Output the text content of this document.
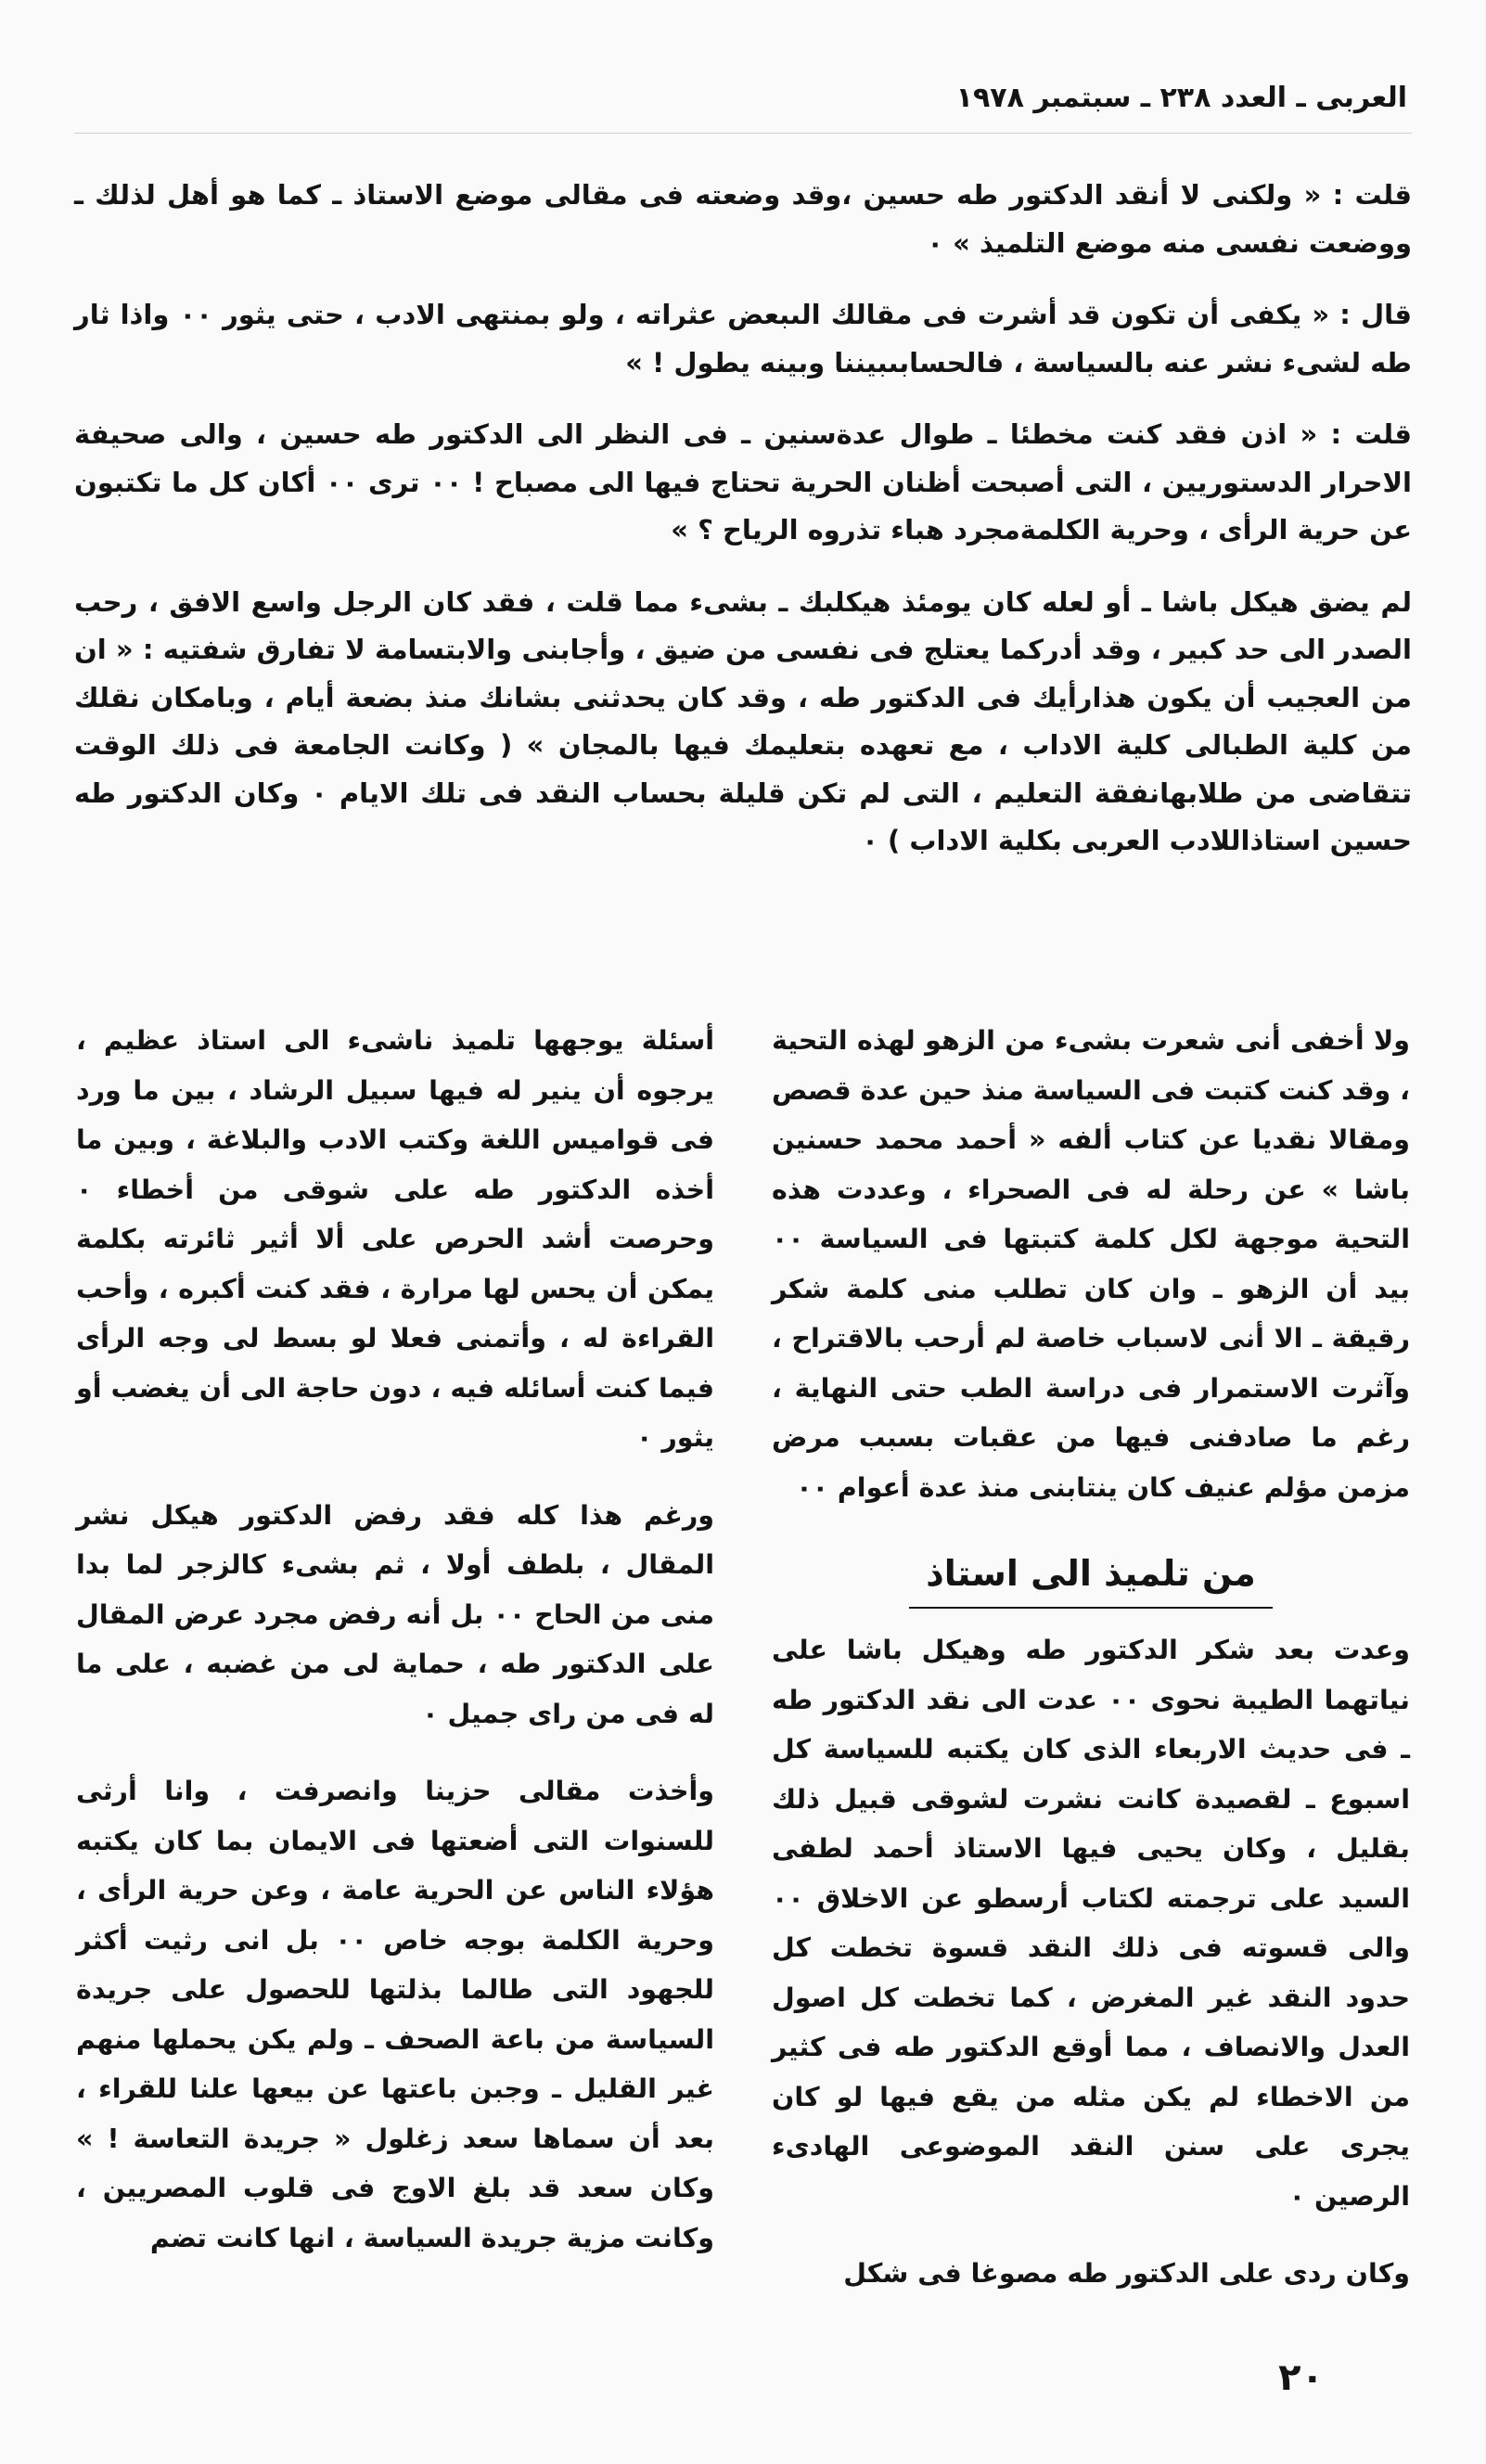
العربى ـ العدد ٢٣٨ ـ سبتمبر ١٩٧٨

قلت : « ولكنى لا أنقد الدكتور طه حسين ،وقد وضعته فى مقالى موضع الاستاذ ـ كما هو أهل لذلك ـ ووضعت نفسى منه موضع التلميذ » ٠

قال : « يكفى أن تكون قد أشرت فى مقالك الىبعض عثراته ، ولو بمنتهى الادب ، حتى يثور ٠٠ واذا ثار طه لشىء نشر عنه بالسياسة ، فالحسابىبيننا وبينه يطول ! »

قلت : « اذن فقد كنت مخطئا ـ طوال عدةسنين ـ فى النظر الى الدكتور طه حسين ، والى صحيفة الاحرار الدستوريين ، التى أصبحت أظنان الحرية تحتاج فيها الى مصباح ! ٠٠ ترى ٠٠ أكان كل ما تكتبون عن حرية الرأى ، وحرية الكلمةمجرد هباء تذروه الرياح ؟ »

لم يضق هيكل باشا ـ أو لعله كان يومئذ هيكلبك ـ بشىء مما قلت ، فقد كان الرجل واسع الافق ، رحب الصدر الى حد كبير ، وقد أدركما يعتلج فى نفسى من ضيق ، وأجابنى والابتسامة لا تفارق شفتيه : « ان من العجيب أن يكون هذارأيك فى الدكتور طه ، وقد كان يحدثنى بشانك منذ بضعة أيام ، وبامكان نقلك من كلية الطبالى كلية الاداب ، مع تعهده بتعليمك فيها بالمجان » ( وكانت الجامعة فى ذلك الوقت تتقاضى من طلابهانفقة التعليم ، التى لم تكن قليلة بحساب النقد فى تلك الايام ٠ وكان الدكتور طه حسين استاذاللادب العربى بكلية الاداب ) ٠

ولا أخفى أنى شعرت بشىء من الزهو لهذه التحية ، وقد كنت كتبت فى السياسة منذ حين عدة قصص ومقالا نقديا عن كتاب ألفه « أحمد محمد حسنين باشا » عن رحلة له فى الصحراء ، وعددت هذه التحية موجهة لكل كلمة كتبتها فى السياسة ٠٠ بيد أن الزهو ـ وان كان تطلب منى كلمة شكر رقيقة ـ الا أنى لاسباب خاصة لم أرحب بالاقتراح ، وآثرت الاستمرار فى دراسة الطب حتى النهاية ، رغم ما صادفنى فيها من عقبات بسبب مرض مزمن مؤلم عنيف كان ينتابنى منذ عدة أعوام ٠٠

من تلميذ الى استاذ

وعدت بعد شكر الدكتور طه وهيكل باشا على نياتهما الطيبة نحوى ٠٠ عدت الى نقد الدكتور طه ـ فى حديث الاربعاء الذى كان يكتبه للسياسة كل اسبوع ـ لقصيدة كانت نشرت لشوقى قبيل ذلك بقليل ، وكان يحيى فيها الاستاذ أحمد لطفى السيد على ترجمته لكتاب أرسطو عن الاخلاق ٠٠ والى قسوته فى ذلك النقد قسوة تخطت كل حدود النقد غير المغرض ، كما تخطت كل اصول العدل والانصاف ، مما أوقع الدكتور طه فى كثير من الاخطاء لم يكن مثله من يقع فيها لو كان يجرى على سنن النقد الموضوعى الهادىء الرصين ٠

وكان ردى على الدكتور طه مصوغا فى شكل

أسئلة يوجهها تلميذ ناشىء الى استاذ عظيم ، يرجوه أن ينير له فيها سبيل الرشاد ، بين ما ورد فى قواميس اللغة وكتب الادب والبلاغة ، وبين ما أخذه الدكتور طه على شوقى من أخطاء ٠ وحرصت أشد الحرص على ألا أثير ثائرته بكلمة يمكن أن يحس لها مرارة ، فقد كنت أكبره ، وأحب القراءة له ، وأتمنى فعلا لو بسط لى وجه الرأى فيما كنت أسائله فيه ، دون حاجة الى أن يغضب أو يثور ٠

ورغم هذا كله فقد رفض الدكتور هيكل نشر المقال ، بلطف أولا ، ثم بشىء كالزجر لما بدا منى من الحاح ٠٠ بل أنه رفض مجرد عرض المقال على الدكتور طه ، حماية لى من غضبه ، على ما له فى من راى جميل ٠

وأخذت مقالى حزينا وانصرفت ، وانا أرثى للسنوات التى أضعتها فى الايمان بما كان يكتبه هؤلاء الناس عن الحرية عامة ، وعن حرية الرأى ، وحرية الكلمة بوجه خاص ٠٠ بل انى رثيت أكثر للجهود التى طالما بذلتها للحصول على جريدة السياسة من باعة الصحف ـ ولم يكن يحملها منهم غير القليل ـ وجبن باعتها عن بيعها علنا للقراء ، بعد أن سماها سعد زغلول « جريدة التعاسة ! » وكان سعد قد بلغ الاوج فى قلوب المصريين ، وكانت مزية جريدة السياسة ، انها كانت تضم

٢٠
